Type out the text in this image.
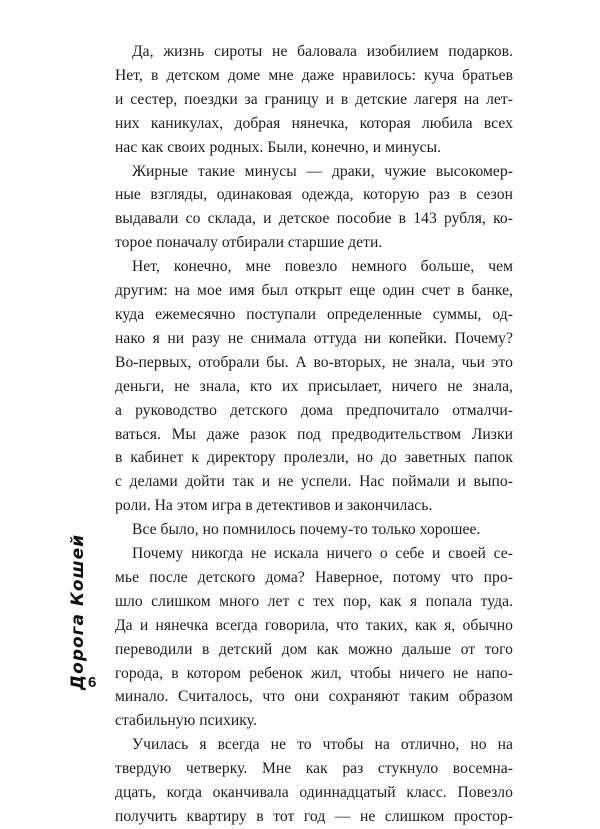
Да, жизнь сироты не баловала изобилием подарков.
Нет, в детском доме мне даже нравилось: куча братьев
и сестер, поездки за границу и в детские лагеря на лет-
них каникулах, добрая нянечка, которая любила всех
нас как своих родных. Были, конечно, и минусы.
Жирные такие минусы — драки, чужие высокомер-
ные взгляды, одинаковая одежда, которую раз в сезон
выдавали со склада, и детское пособие в 143 рубля, ко-
торое поначалу отбирали старшие дети.
Нет, конечно, мне повезло немного больше, чем
другим: на мое имя был открыт еще один счет в банке,
куда ежемесячно поступали определенные суммы, од-
нако я ни разу не снимала оттуда ни копейки. Почему?
Во-первых, отобрали бы. А во-вторых, не знала, чьи это
деньги, не знала, кто их присылает, ничего не знала,
а руководство детского дома предпочитало отмалчи-
ваться. Мы даже разок под предводительством Лизки
в кабинет к директору пролезли, но до заветных папок
с делами дойти так и не успели. Нас поймали и выпо-
роли. На этом игра в детективов и закончилась.
Все было, но помнилось почему-то только хорошее.
Почему никогда не искала ничего о себе и своей се-
мье после детского дома? Наверное, потому что про-
шло слишком много лет с тех пор, как я попала туда.
Да и нянечка всегда говорила, что таких, как я, обычно
переводили в детский дом как можно дальше от того
города, в котором ребенок жил, чтобы ничего не напо-
минало. Считалось, что они сохраняют таким образом
стабильную психику.
Училась я всегда не то чтобы на отлично, но на
твердую четверку. Мне как раз стукнуло восемна-
дцать, когда оканчивала одиннадцатый класс. Повезло
получить квартиру в тот год — не слишком простор-
Дорога Кошей 6
